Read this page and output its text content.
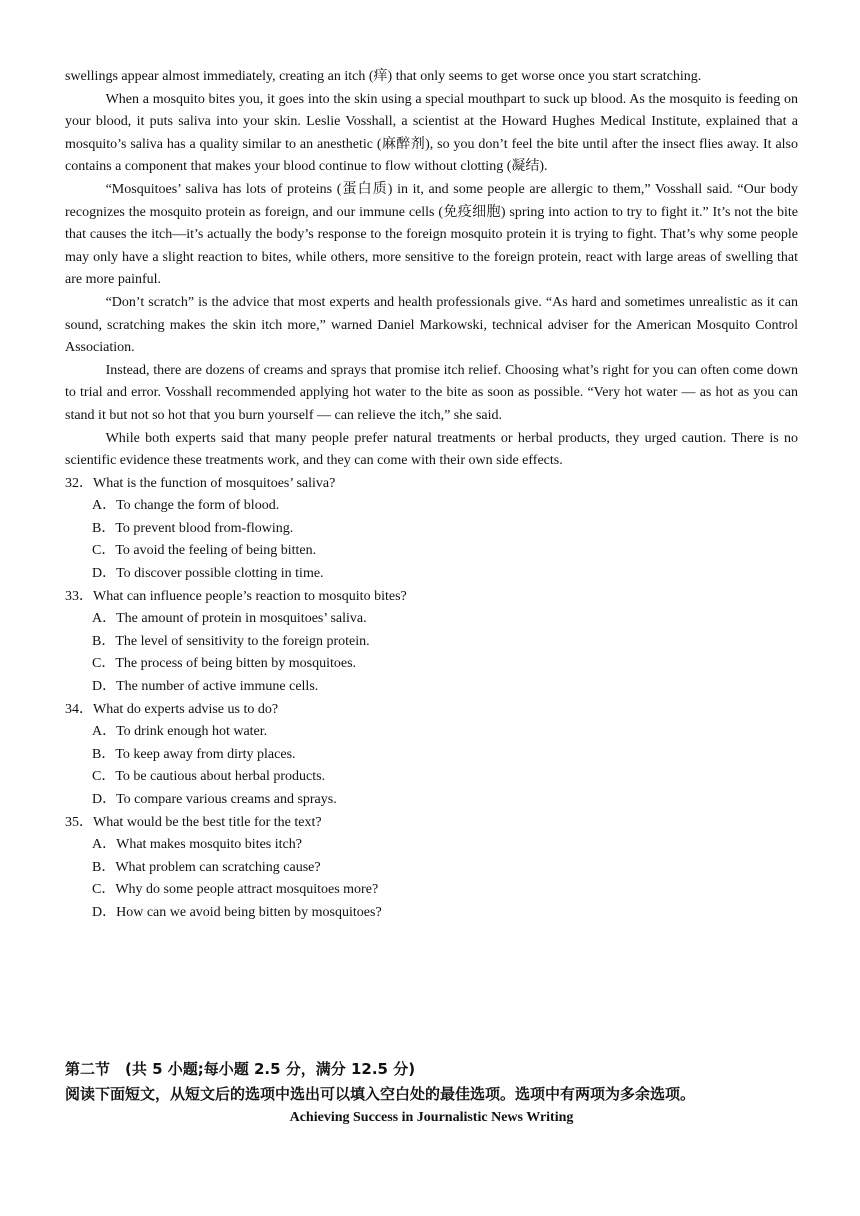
swellings appear almost immediately, creating an itch (痒) that only seems to get worse once you start scratching.

When a mosquito bites you, it goes into the skin using a special mouthpart to suck up blood. As the mosquito is feeding on your blood, it puts saliva into your skin. Leslie Vosshall, a scientist at the Howard Hughes Medical Institute, explained that a mosquito’s saliva has a quality similar to an anesthetic (麻醉剂), so you don’t feel the bite until after the insect flies away. It also contains a component that makes your blood continue to flow without clotting (凝结).

“Mosquitoes’ saliva has lots of proteins (蛋白质) in it, and some people are allergic to them,” Vosshall said. “Our body recognizes the mosquito protein as foreign, and our immune cells (免疫细胞) spring into action to try to fight it.” It’s not the bite that causes the itch—it’s actually the body’s response to the foreign mosquito protein it is trying to fight. That’s why some people may only have a slight reaction to bites, while others, more sensitive to the foreign protein, react with large areas of swelling that are more painful.

“Don’t scratch” is the advice that most experts and health professionals give. “As hard and sometimes unrealistic as it can sound, scratching makes the skin itch more,” warned Daniel Markowski, technical adviser for the American Mosquito Control Association.

Instead, there are dozens of creams and sprays that promise itch relief. Choosing what’s right for you can often come down to trial and error. Vosshall recommended applying hot water to the bite as soon as possible. “Very hot water — as hot as you can stand it but not so hot that you burn yourself — can relieve the itch,” she said.

While both experts said that many people prefer natural treatments or herbal products, they urged caution. There is no scientific evidence these treatments work, and they can come with their own side effects.

32．What is the function of mosquitoes’ saliva?

A．To change the form of blood.

B．To prevent blood from-flowing.

C．To avoid the feeling of being bitten.

D．To discover possible clotting in time.

33．What can influence people’s reaction to mosquito bites?

A．The amount of protein in mosquitoes’ saliva.

B．The level of sensitivity to the foreign protein.

C．The process of being bitten by mosquitoes.

D．The number of active immune cells.

34．What do experts advise us to do?

A．To drink enough hot water.

B．To keep away from dirty places.

C．To be cautious about herbal products.

D．To compare various creams and sprays.

35．What would be the best title for the text?

A．What makes mosquito bites itch?

B．What problem can scratching cause?

C．Why do some people attract mosquitoes more?

D．How can we avoid being bitten by mosquitoes?

第二节　(共 5 小题;每小题 2.5 分，满分 12.5 分)

阅读下面短文，从短文后的选项中选出可以填入空白处的最佳选项。选项中有两项为多余选项。

Achieving Success in Journalistic News Writing
